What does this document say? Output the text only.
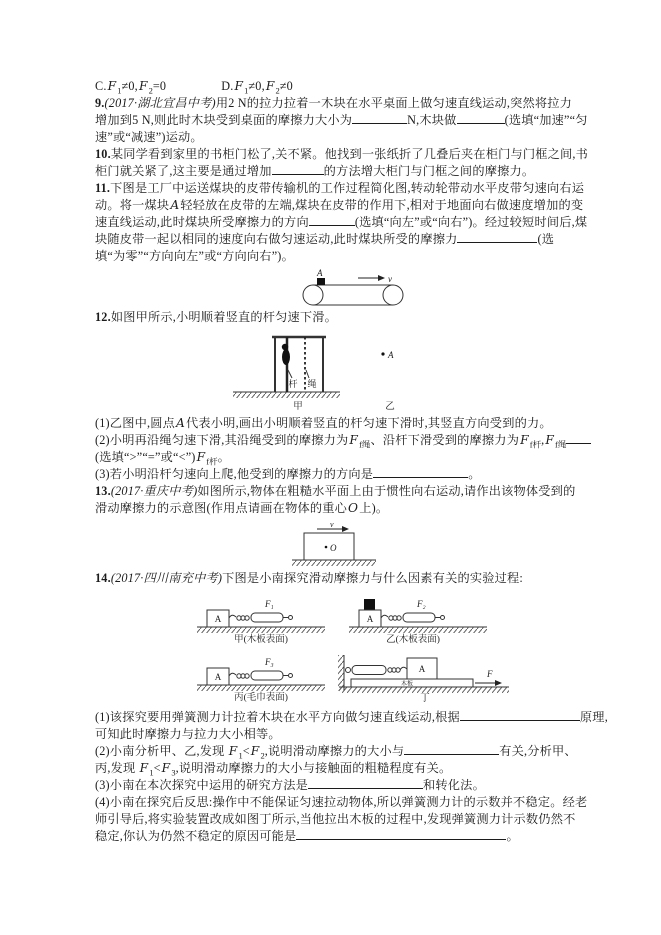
$C.F_1\ne 0,F_2=0$	$D.F_1\ne 0,F_2\ne 0$
9.(2017·湖北宜昌中考)用2 N的拉力拉着一木块在水平桌面上做匀速直线运动,突然将拉力
增加到5 N,则此时木块受到桌面的摩擦力大小为	N,木块做	(选填“加速”“匀
速”或“减速”)运动。
10.某同学看到家里的书柜门松了,关不紧。他找到一张纸折了几叠后夹在柜门与门框之间,书
柜门就关紧了,这主要是通过增加	的方法增大柜门与门框之间的摩擦力。
11.下图是工厂中运送煤块的皮带传输机的工作过程简化图,转动轮带动水平皮带匀速向右运
动。将一煤块A轻轻放在皮带的左端,煤块在皮带的作用下,相对于地面向右做速度增加的变
速直线运动,此时煤块所受摩擦力的方向	(选填“向左”或“向右”)。经过较短时间后,煤
块随皮带一起以相同的速度向右做匀速运动,此时煤块所受的摩擦力	(选
填“为零”“方向向左”或“方向向右”)。
A
v
12.如图甲所示,小明顺着竖直的杆匀速下滑。
杆 绳
甲
A
乙
(1)乙图中,圆点A代表小明,画出小明顺着竖直的杆匀速下滑时,其竖直方向受到的力。
(2)小明再沿绳匀速下滑,其沿绳受到的摩擦力为$F_{f绳}$、沿杆下滑受到的摩擦力为$F_{f杆},F_{f绳}$
(选填“>”“=”或“$<”)F_{f杆}$。
(3)若小明沿杆匀速向上爬,他受到的摩擦力的方向是	。
13.(2017·重庆中考)如图所示,物体在粗糙水平面上由于惯性向右运动,请作出该物体受到的
滑动摩擦力的示意图(作用点请画在物体的重心O上)。
v
O
14.(2017·四川南充中考)下图是小南探究滑动摩擦力与什么因素有关的实验过程:
A
F₁
甲(木板表面)
A
F₂
乙(木板表面)
A
F₃
丙(毛巾表面)
A
木板
F
丁
(1)该探究要用弹簧测力计拉着木块在水平方向做匀速直线运动,根据	原理,
可知此时摩擦力与拉力大小相等。
(2)小南分析甲、乙,发现 $F_1<F_2$,说明滑动摩擦力的大小与	有关,分析甲、
丙,发现 $F_1<F_3$,说明滑动摩擦力的大小与接触面的粗糙程度有关。
(3)小南在本次探究中运用的研究方法是	和转化法。
(4)小南在探究后反思:操作中不能保证匀速拉动物体,所以弹簧测力计的示数并不稳定。经老
师引导后,将实验装置改成如图丁所示,当他拉出木板的过程中,发现弹簧测力计示数仍然不
稳定,你认为仍然不稳定的原因可能是	。
